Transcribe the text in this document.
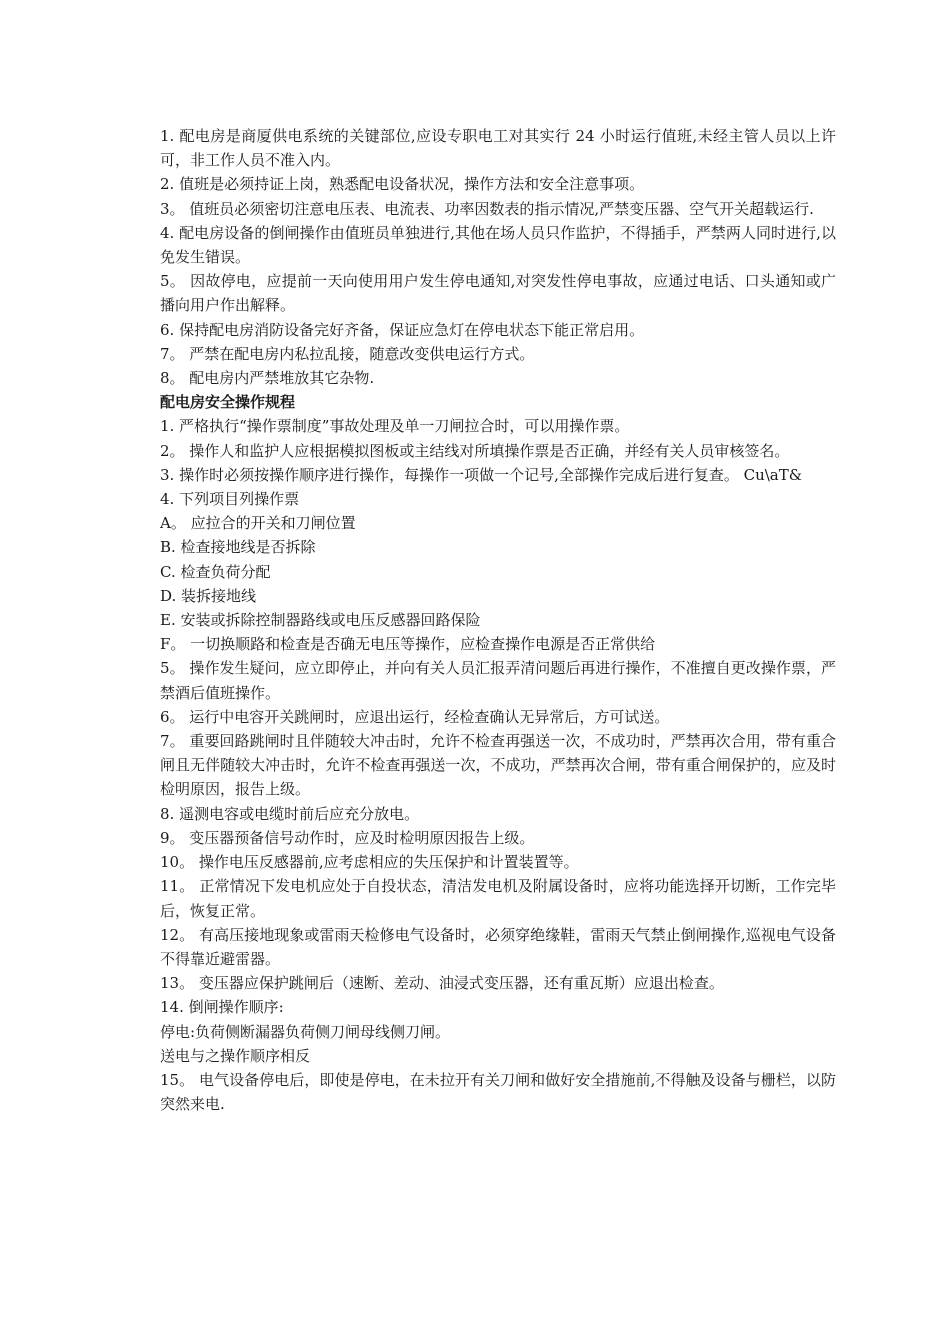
1. 配电房是商厦供电系统的关键部位,应设专职电工对其实行 24 小时运行值班,未经主管人员以上许可，非工作人员不准入内。

2. 值班是必须持证上岗，熟悉配电设备状况，操作方法和安全注意事项。

3。 值班员必须密切注意电压表、电流表、功率因数表的指示情况,严禁变压器、空气开关超载运行.

4. 配电房设备的倒闸操作由值班员单独进行,其他在场人员只作监护，不得插手，严禁两人同时进行,以免发生错误。

5。 因故停电，应提前一天向使用用户发生停电通知,对突发性停电事故，应通过电话、口头通知或广播向用户作出解释。

6. 保持配电房消防设备完好齐备，保证应急灯在停电状态下能正常启用。

7。 严禁在配电房内私拉乱接，随意改变供电运行方式。

8。 配电房内严禁堆放其它杂物.

配电房安全操作规程

1. 严格执行“操作票制度”事故处理及单一刀闸拉合时，可以用操作票。

2。 操作人和监护人应根据模拟图板或主结线对所填操作票是否正确，并经有关人员审核签名。

3. 操作时必须按操作顺序进行操作，每操作一项做一个记号,全部操作完成后进行复查。 Cu\aT&

4. 下列项目列操作票

A。 应拉合的开关和刀闸位置

B. 检查接地线是否拆除

C. 检查负荷分配

D. 装拆接地线

E. 安装或拆除控制器路线或电压反感器回路保险

F。 一切换顺路和检查是否确无电压等操作，应检查操作电源是否正常供给

5。 操作发生疑问，应立即停止，并向有关人员汇报弄清问题后再进行操作，不准擅自更改操作票，严禁酒后值班操作。

6。 运行中电容开关跳闸时，应退出运行，经检查确认无异常后，方可试送。

7。 重要回路跳闸时且伴随较大冲击时，允许不检查再强送一次，不成功时，严禁再次合用，带有重合闸且无伴随较大冲击时，允许不检查再强送一次，不成功，严禁再次合闸，带有重合闸保护的，应及时检明原因，报告上级。

8. 遥测电容或电缆时前后应充分放电。

9。 变压器预备信号动作时，应及时检明原因报告上级。

10。 操作电压反感器前,应考虑相应的失压保护和计置装置等。

11。 正常情况下发电机应处于自投状态，清洁发电机及附属设备时，应将功能选择开切断，工作完毕后，恢复正常。

12。 有高压接地现象或雷雨天检修电气设备时，必须穿绝缘鞋，雷雨天气禁止倒闸操作,巡视电气设备不得靠近避雷器。

13。 变压器应保护跳闸后（速断、差动、油浸式变压器，还有重瓦斯）应退出检查。

14. 倒闸操作顺序:

停电:负荷侧断漏器负荷侧刀闸母线侧刀闸。

送电与之操作顺序相反

15。 电气设备停电后，即使是停电，在未拉开有关刀闸和做好安全措施前,不得触及设备与栅栏，以防突然来电.
